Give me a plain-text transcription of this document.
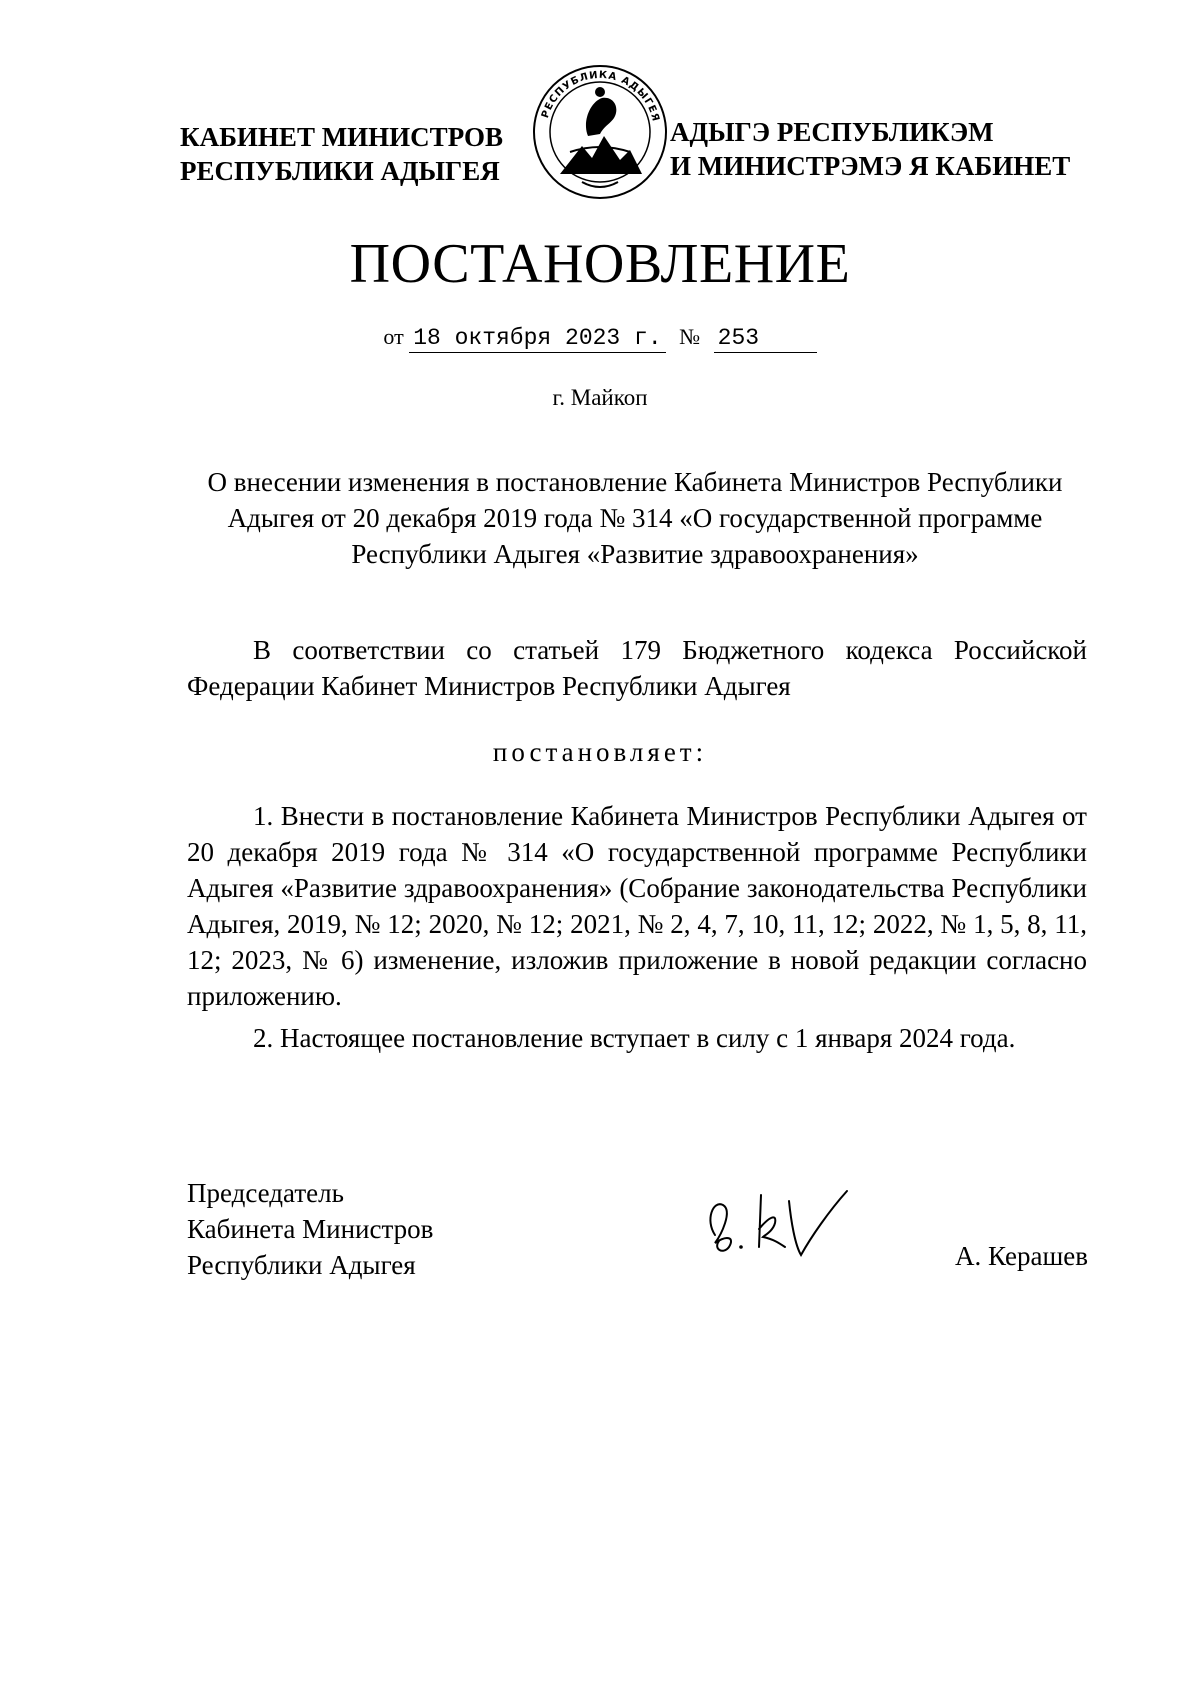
КАБИНЕТ МИНИСТРОВ
РЕСПУБЛИКИ АДЫГЕЯ
РЕСПУБЛИКА АДЫГЕЯ АДЫГЭ РЕСПУБЛИКЭМ
И МИНИСТРЭМЭ Я КАБИНЕТ
ПОСТАНОВЛЕНИЕ
от 18 октября 2023 г. № 253
г. Майкоп
О внесении изменения в постановление Кабинета Министров Республики Адыгея от 20 декабря 2019 года № 314 «О государственной программе Республики Адыгея «Развитие здравоохранения»
В соответствии со статьей 179 Бюджетного кодекса Российской Федерации Кабинет Министров Республики Адыгея
постановляет:
1. Внести в постановление Кабинета Министров Республики Адыгея от 20 декабря 2019 года № 314 «О государственной программе Республики Адыгея «Развитие здравоохранения» (Собрание законодательства Республики Адыгея, 2019, № 12; 2020, № 12; 2021, № 2, 4, 7, 10, 11, 12; 2022, № 1, 5, 8, 11, 12; 2023, № 6) изменение, изложив приложение в новой редакции согласно приложению.
2. Настоящее постановление вступает в силу с 1 января 2024 года.
Председатель
Кабинета Министров
Республики Адыгея	А. Керашев
